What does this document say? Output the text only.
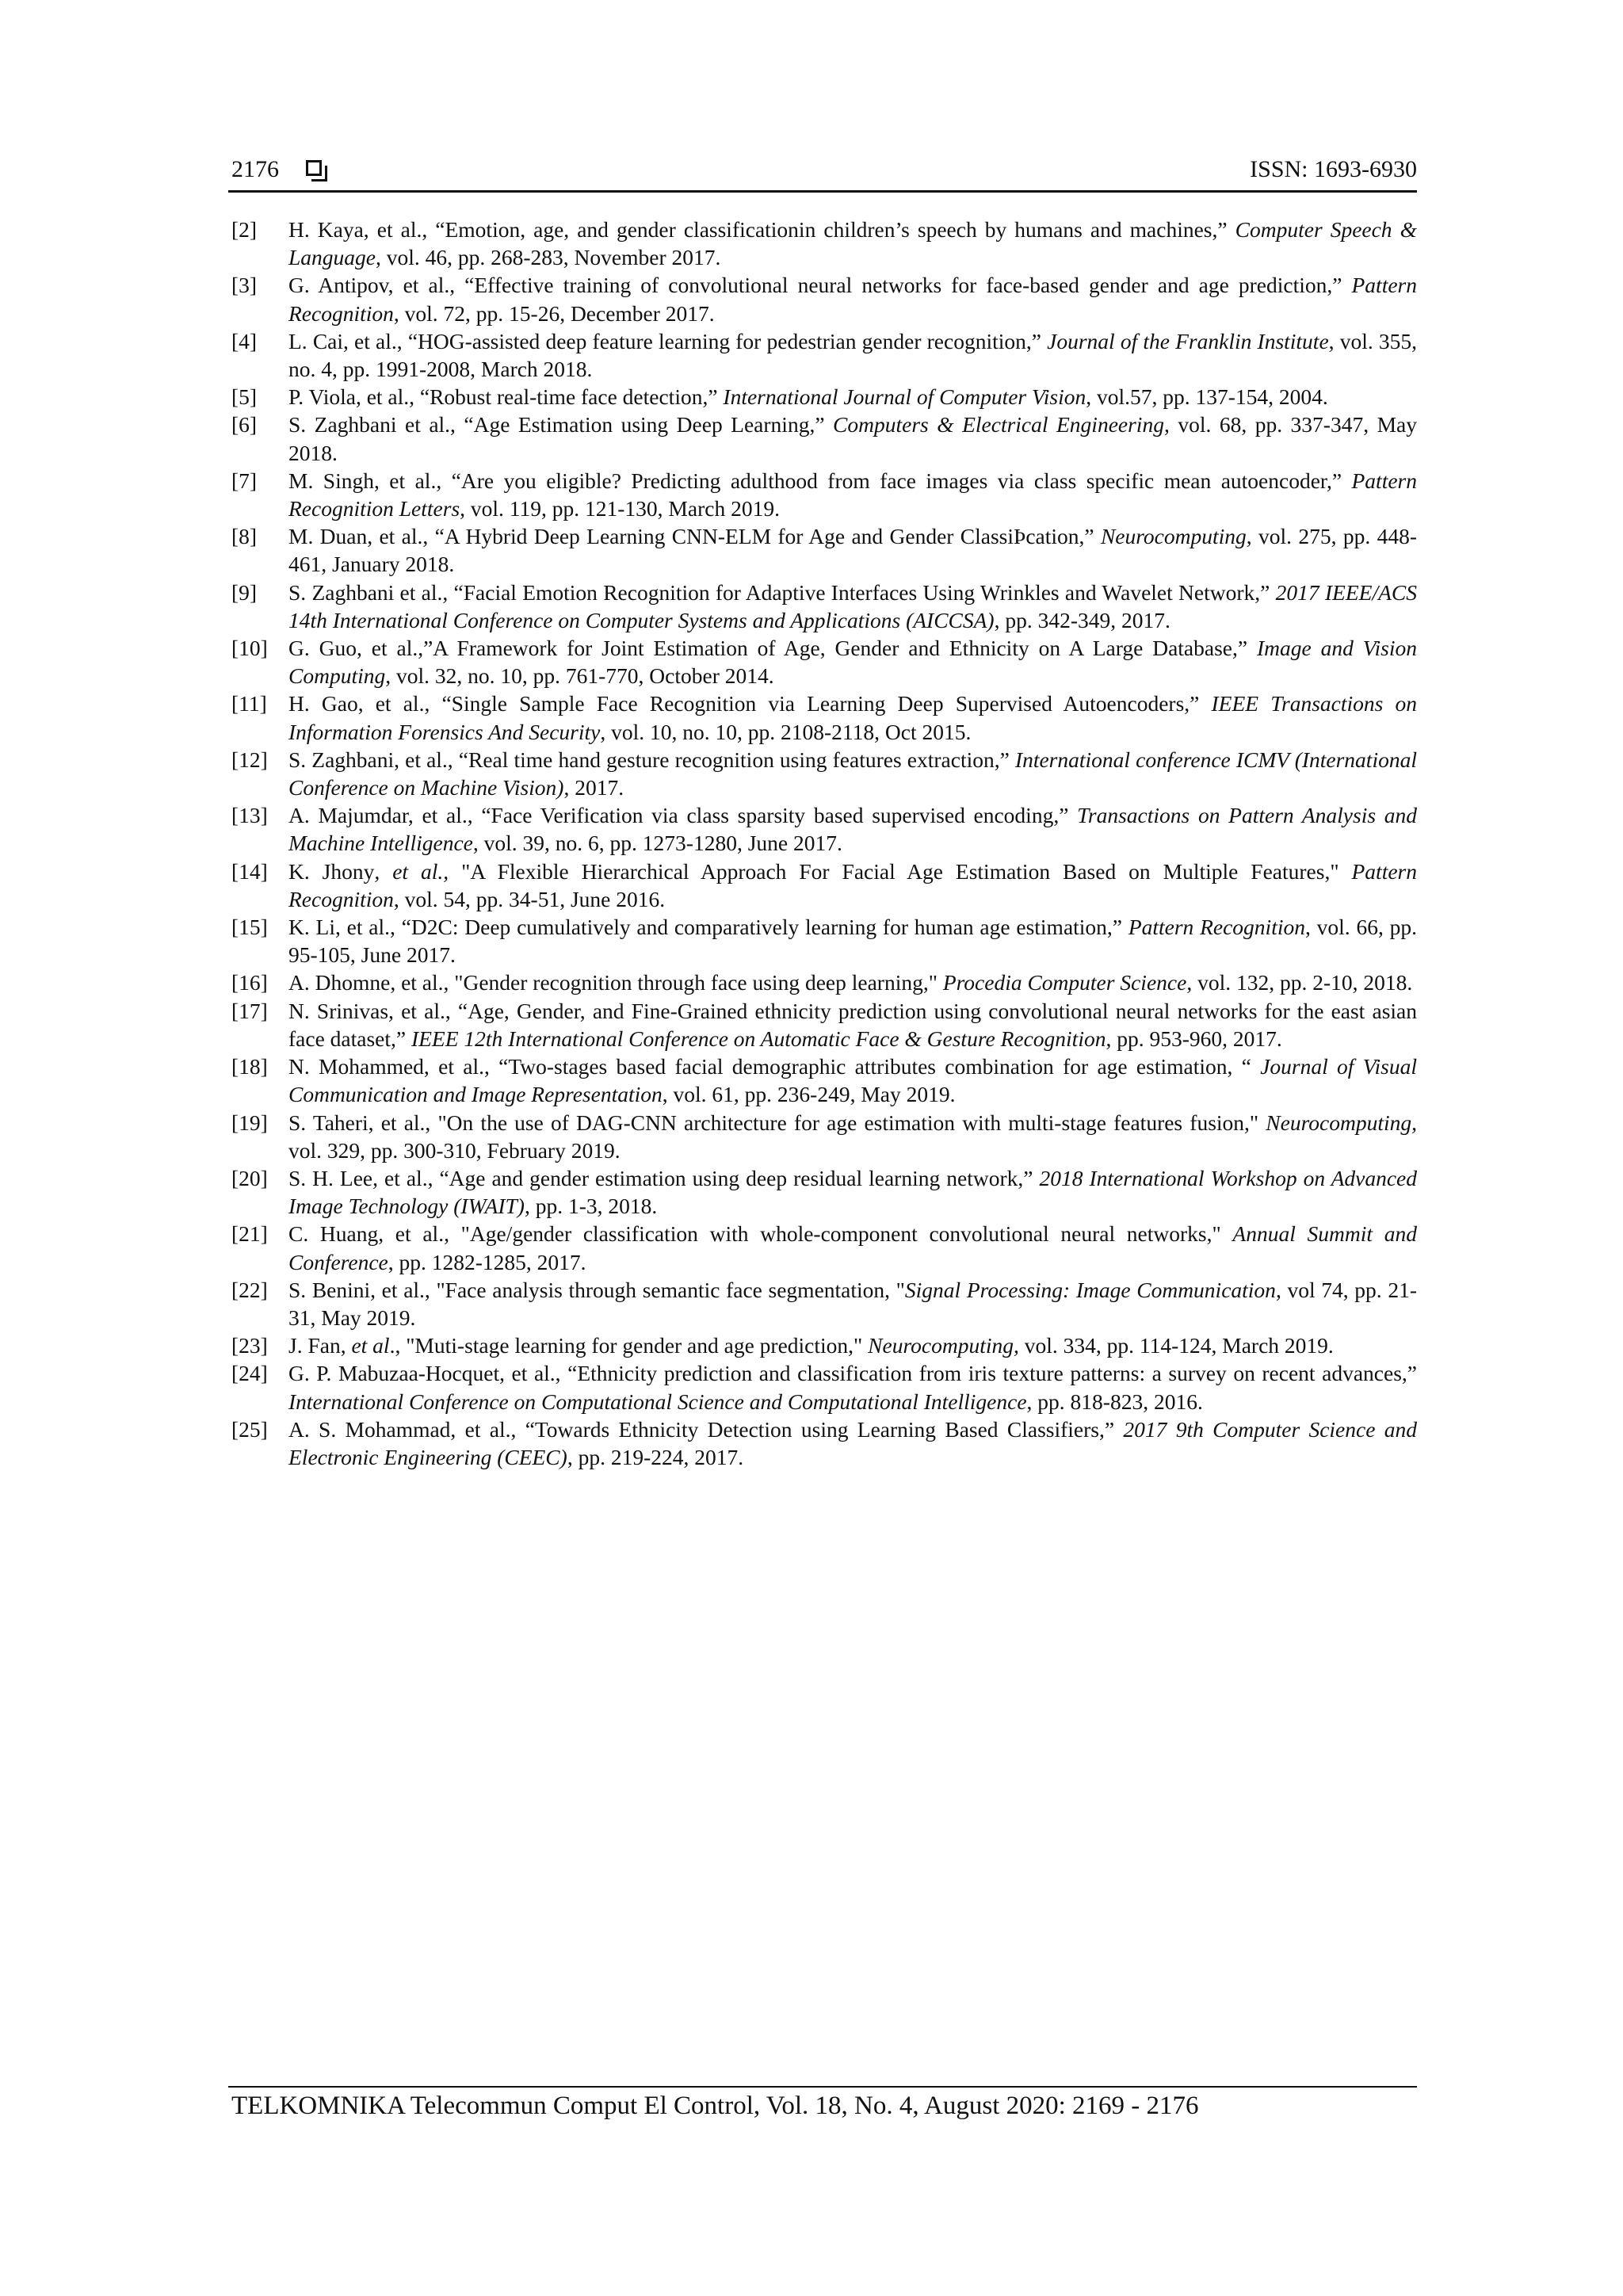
2176	ISSN: 1693-6930
[2] H. Kaya, et al., “Emotion, age, and gender classificationin children’s speech by humans and machines,” Computer Speech & Language, vol. 46, pp. 268-283, November 2017.
[3] G. Antipov, et al., “Effective training of convolutional neural networks for face-based gender and age prediction,” Pattern Recognition, vol. 72, pp. 15-26, December 2017.
[4] L. Cai, et al., “HOG-assisted deep feature learning for pedestrian gender recognition,” Journal of the Franklin Institute, vol. 355, no. 4, pp. 1991-2008, March 2018.
[5] P. Viola, et al., “Robust real-time face detection,” International Journal of Computer Vision, vol.57, pp. 137-154, 2004.
[6] S. Zaghbani et al., “Age Estimation using Deep Learning,” Computers & Electrical Engineering, vol. 68, pp. 337-347, May 2018.
[7] M. Singh, et al., “Are you eligible? Predicting adulthood from face images via class specific mean autoencoder,” Pattern Recognition Letters, vol. 119, pp. 121-130, March 2019.
[8] M. Duan, et al., “A Hybrid Deep Learning CNN-ELM for Age and Gender ClassiÞcation,” Neurocomputing, vol. 275, pp. 448-461, January 2018.
[9] S. Zaghbani et al., “Facial Emotion Recognition for Adaptive Interfaces Using Wrinkles and Wavelet Network,” 2017 IEEE/ACS 14th International Conference on Computer Systems and Applications (AICCSA), pp. 342-349, 2017.
[10] G. Guo, et al.,”A Framework for Joint Estimation of Age, Gender and Ethnicity on A Large Database,” Image and Vision Computing, vol. 32, no. 10, pp. 761-770, October 2014.
[11] H. Gao, et al., “Single Sample Face Recognition via Learning Deep Supervised Autoencoders,” IEEE Transactions on Information Forensics And Security, vol. 10, no. 10, pp. 2108-2118, Oct 2015.
[12] S. Zaghbani, et al., “Real time hand gesture recognition using features extraction,” International conference ICMV (International Conference on Machine Vision), 2017.
[13] A. Majumdar, et al., “Face Verification via class sparsity based supervised encoding,” Transactions on Pattern Analysis and Machine Intelligence, vol. 39, no. 6, pp. 1273-1280, June 2017.
[14] K. Jhony, et al., "A Flexible Hierarchical Approach For Facial Age Estimation Based on Multiple Features," Pattern Recognition, vol. 54, pp. 34-51, June 2016.
[15] K. Li, et al., “D2C: Deep cumulatively and comparatively learning for human age estimation,” Pattern Recognition, vol. 66, pp. 95-105, June 2017.
[16] A. Dhomne, et al., "Gender recognition through face using deep learning," Procedia Computer Science, vol. 132, pp. 2-10, 2018.
[17] N. Srinivas, et al., “Age, Gender, and Fine-Grained ethnicity prediction using convolutional neural networks for the east asian face dataset,” IEEE 12th International Conference on Automatic Face & Gesture Recognition, pp. 953-960, 2017.
[18] N. Mohammed, et al., “Two-stages based facial demographic attributes combination for age estimation, “ Journal of Visual Communication and Image Representation, vol. 61, pp. 236-249, May 2019.
[19] S. Taheri, et al., "On the use of DAG-CNN architecture for age estimation with multi-stage features fusion," Neurocomputing, vol. 329, pp. 300-310, February 2019.
[20] S. H. Lee, et al., “Age and gender estimation using deep residual learning network,” 2018 International Workshop on Advanced Image Technology (IWAIT), pp. 1-3, 2018.
[21] C. Huang, et al., "Age/gender classification with whole-component convolutional neural networks," Annual Summit and Conference, pp. 1282-1285, 2017.
[22] S. Benini, et al., "Face analysis through semantic face segmentation, "Signal Processing: Image Communication, vol 74, pp. 21-31, May 2019.
[23] J. Fan, et al., "Muti-stage learning for gender and age prediction," Neurocomputing, vol. 334, pp. 114-124, March 2019.
[24] G. P. Mabuzaa-Hocquet, et al., “Ethnicity prediction and classification from iris texture patterns: a survey on recent advances,” International Conference on Computational Science and Computational Intelligence, pp. 818-823, 2016.
[25] A. S. Mohammad, et al., “Towards Ethnicity Detection using Learning Based Classifiers,” 2017 9th Computer Science and Electronic Engineering (CEEC), pp. 219-224, 2017.
TELKOMNIKA Telecommun Comput El Control, Vol. 18, No. 4, August 2020: 2169 - 2176
